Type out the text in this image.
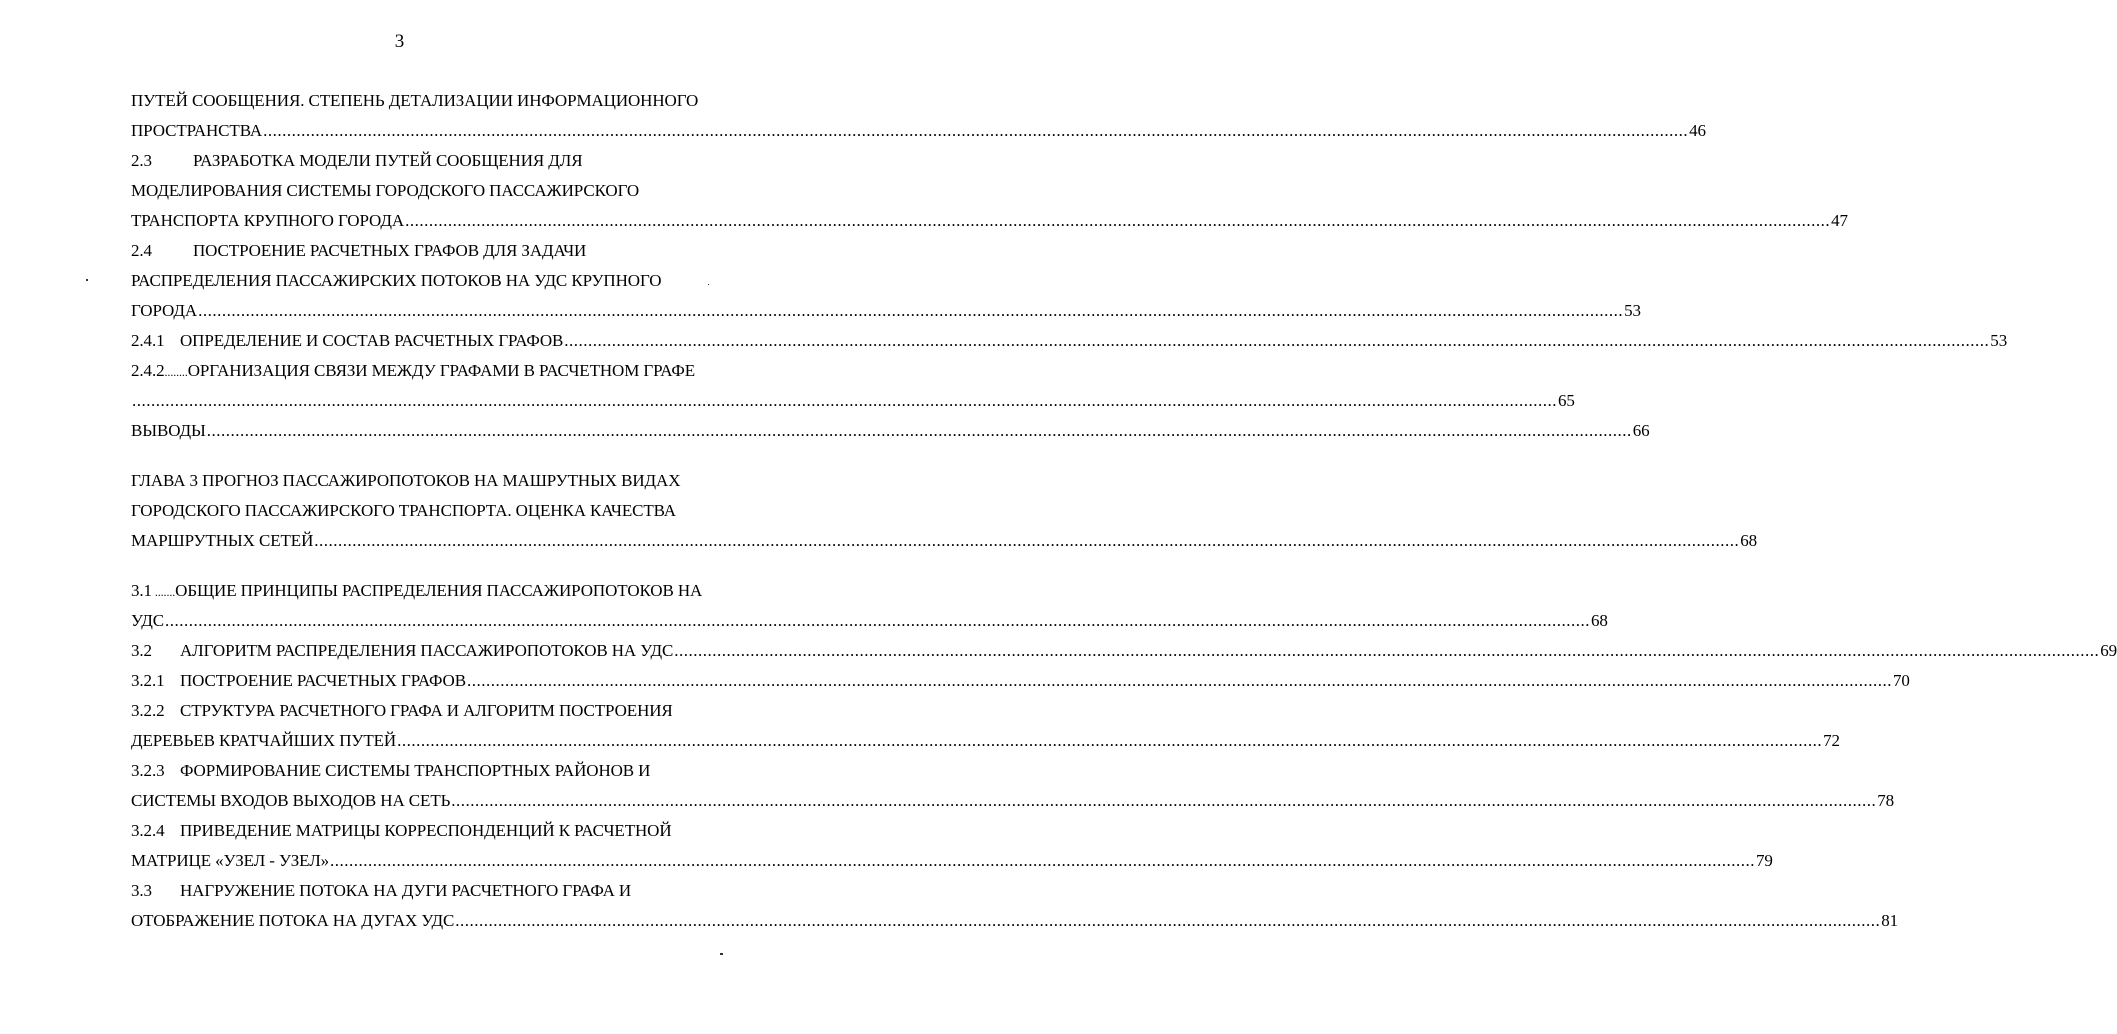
3
ПУТЕЙ СООБЩЕНИЯ. СТЕПЕНЬ ДЕТАЛИЗАЦИИ ИНФОРМАЦИОННОГО
ПРОСТРАНСТВА ............................................................................................................................................................................................................................................................................................................ 46
2.3 РАЗРАБОТКА МОДЕЛИ ПУТЕЙ СООБЩЕНИЯ ДЛЯ
МОДЕЛИРОВАНИЯ СИСТЕМЫ ГОРОДСКОГО ПАССАЖИРСКОГО
ТРАНСПОРТА КРУПНОГО ГОРОДА ............................................................................................................................................................................................................................................................................................................ 47
2.4 ПОСТРОЕНИЕ РАСЧЕТНЫХ ГРАФОВ ДЛЯ ЗАДАЧИ
РАСПРЕДЕЛЕНИЯ ПАССАЖИРСКИХ ПОТОКОВ НА УДС КРУПНОГО
ГОРОДА ............................................................................................................................................................................................................................................................................................................ 53
2.4.1 ОПРЕДЕЛЕНИЕ И СОСТАВ РАСЧЕТНЫХ ГРАФОВ ............................................................................................................................................................................................................................................................................................................ 53
2.4.2........ОРГАНИЗАЦИЯ СВЯЗИ МЕЖДУ ГРАФАМИ В РАСЧЕТНОМ ГРАФЕ
............................................................................................................................................................................................................................................................................................................ 65
ВЫВОДЫ ............................................................................................................................................................................................................................................................................................................ 66
ГЛАВА 3 ПРОГНОЗ ПАССАЖИРОПОТОКОВ НА МАШРУТНЫХ ВИДАХ
ГОРОДСКОГО ПАССАЖИРСКОГО ТРАНСПОРТА. ОЦЕНКА КАЧЕСТВА
МАРШРУТНЫХ СЕТЕЙ ............................................................................................................................................................................................................................................................................................................ 68
3.1 .......ОБЩИЕ ПРИНЦИПЫ РАСПРЕДЕЛЕНИЯ ПАССАЖИРОПОТОКОВ НА
УДС ............................................................................................................................................................................................................................................................................................................ 68
3.2 АЛГОРИТМ РАСПРЕДЕЛЕНИЯ ПАССАЖИРОПОТОКОВ НА УДС ............................................................................................................................................................................................................................................................................................................ 69
3.2.1 ПОСТРОЕНИЕ РАСЧЕТНЫХ ГРАФОВ ............................................................................................................................................................................................................................................................................................................ 70
3.2.2 СТРУКТУРА РАСЧЕТНОГО ГРАФА И АЛГОРИТМ ПОСТРОЕНИЯ
ДЕРЕВЬЕВ КРАТЧАЙШИХ ПУТЕЙ ............................................................................................................................................................................................................................................................................................................ 72
3.2.3 ФОРМИРОВАНИЕ СИСТЕМЫ ТРАНСПОРТНЫХ РАЙОНОВ И
СИСТЕМЫ ВХОДОВ ВЫХОДОВ НА СЕТЬ ............................................................................................................................................................................................................................................................................................................ 78
3.2.4 ПРИВЕДЕНИЕ МАТРИЦЫ КОРРЕСПОНДЕНЦИЙ К РАСЧЕТНОЙ
МАТРИЦЕ «УЗЕЛ - УЗЕЛ» ............................................................................................................................................................................................................................................................................................................ 79
3.3 НАГРУЖЕНИЕ ПОТОКА НА ДУГИ РАСЧЕТНОГО ГРАФА И
ОТОБРАЖЕНИЕ ПОТОКА НА ДУГАХ УДС ............................................................................................................................................................................................................................................................................................................ 81
